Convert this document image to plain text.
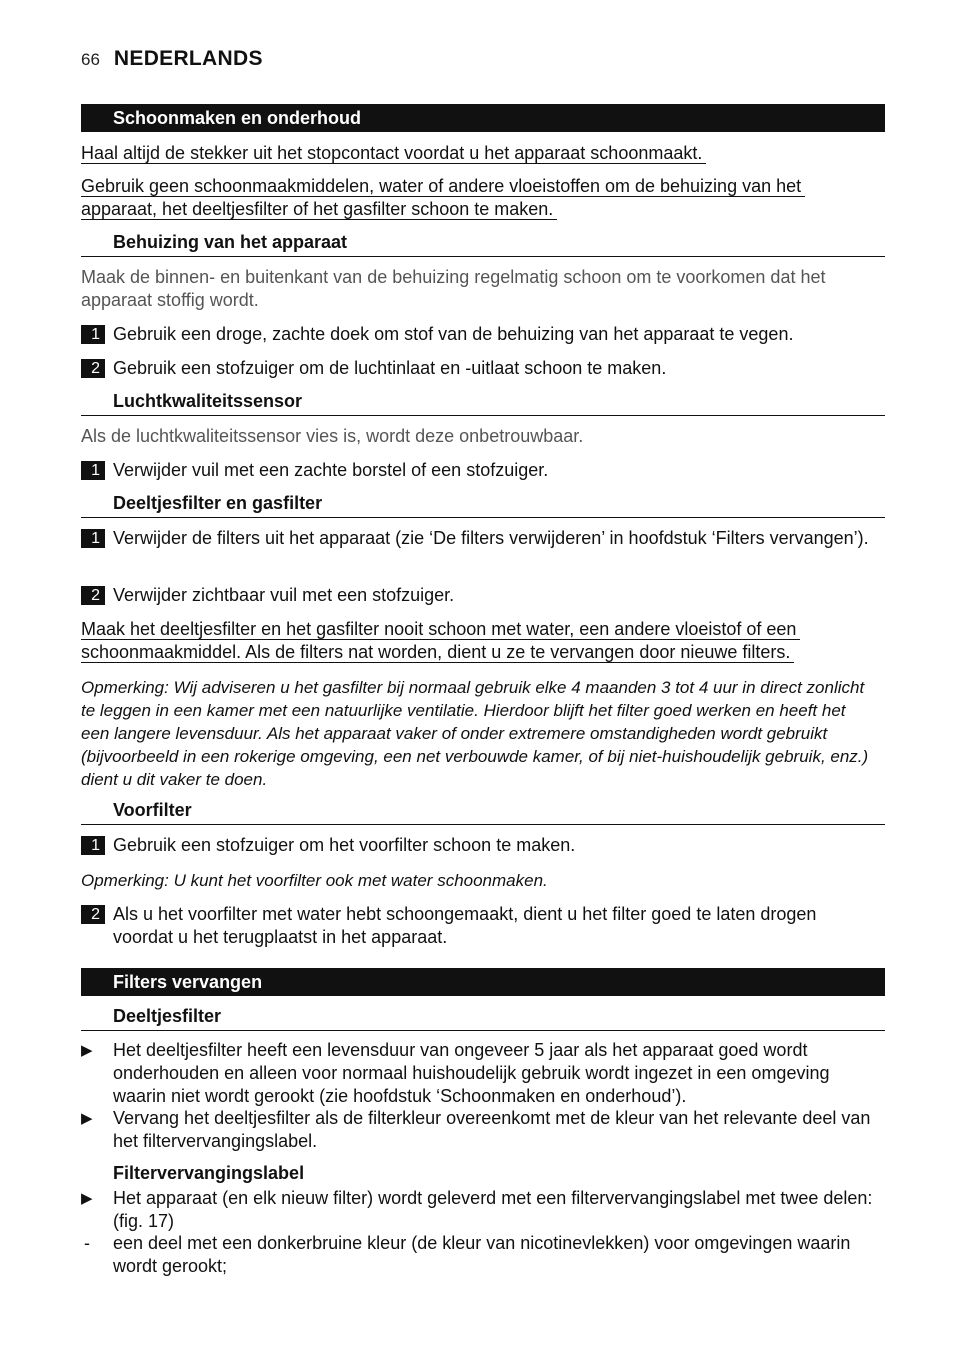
66 NEDERLANDS
Schoonmaken en onderhoud
Haal altijd de stekker uit het stopcontact voordat u het apparaat schoonmaakt.
Gebruik geen schoonmaakmiddelen, water of andere vloeistoffen om de behuizing van het
apparaat, het deeltjesfilter of het gasfilter schoon te maken.
Behuizing van het apparaat
Maak de binnen- en buitenkant van de behuizing regelmatig schoon om te voorkomen dat het apparaat stoffig wordt.
1 Gebruik een droge, zachte doek om stof van de behuizing van het apparaat te vegen.
2 Gebruik een stofzuiger om de luchtinlaat en -uitlaat schoon te maken.
Luchtkwaliteitssensor
Als de luchtkwaliteitssensor vies is, wordt deze onbetrouwbaar.
1 Verwijder vuil met een zachte borstel of een stofzuiger.
Deeltjesfilter en gasfilter
1 Verwijder de filters uit het apparaat (zie ‘De filters verwijderen’ in hoofdstuk ‘Filters vervangen’).
2 Verwijder zichtbaar vuil met een stofzuiger.
Maak het deeltjesfilter en het gasfilter nooit schoon met water, een andere vloeistof of een
schoonmaakmiddel. Als de filters nat worden, dient u ze te vervangen door nieuwe filters.
Opmerking: Wij adviseren u het gasfilter bij normaal gebruik elke 4 maanden 3 tot 4 uur in direct zonlicht te leggen in een kamer met een natuurlijke ventilatie. Hierdoor blijft het filter goed werken en heeft het een langere levensduur. Als het apparaat vaker of onder extremere omstandigheden wordt gebruikt (bijvoorbeeld in een rokerige omgeving, een net verbouwde kamer, of bij niet-huishoudelijk gebruik, enz.) dient u dit vaker te doen.
Voorfilter
1 Gebruik een stofzuiger om het voorfilter schoon te maken.
Opmerking: U kunt het voorfilter ook met water schoonmaken.
2 Als u het voorfilter met water hebt schoongemaakt, dient u het filter goed te laten drogen voordat u het terugplaatst in het apparaat.
Filters vervangen
Deeltjesfilter
▶ Het deeltjesfilter heeft een levensduur van ongeveer 5 jaar als het apparaat goed wordt onderhouden en alleen voor normaal huishoudelijk gebruik wordt ingezet in een omgeving waarin niet wordt gerookt (zie hoofdstuk ‘Schoonmaken en onderhoud’).
▶ Vervang het deeltjesfilter als de filterkleur overeenkomt met de kleur van het relevante deel van het filtervervangingslabel.
Filtervervangingslabel
▶ Het apparaat (en elk nieuw filter) wordt geleverd met een filtervervangingslabel met twee delen: (fig. 17)
- een deel met een donkerbruine kleur (de kleur van nicotinevlekken) voor omgevingen waarin wordt gerookt;
